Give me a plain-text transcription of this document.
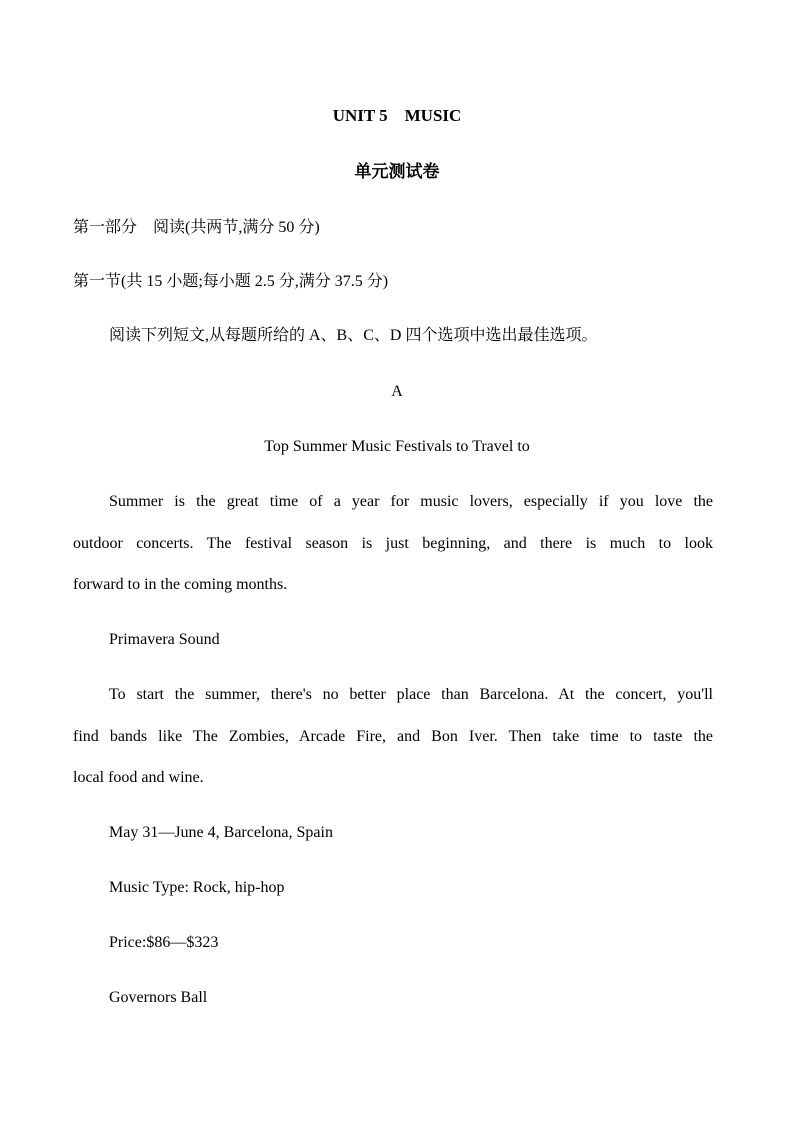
UNIT 5　MUSIC
单元测试卷
第一部分　阅读(共两节,满分 50 分)
第一节(共 15 小题;每小题 2.5 分,满分 37.5 分)
阅读下列短文,从每题所给的 A、B、C、D 四个选项中选出最佳选项。
A
Top Summer Music Festivals to Travel to
Summer is the great time of a year for music lovers, especially if you love the
outdoor concerts. The festival season is just beginning, and there is much to look
forward to in the coming months.
Primavera Sound
To start the summer, there's no better place than Barcelona. At the concert, you'll
find bands like The Zombies, Arcade Fire, and Bon Iver. Then take time to taste the
local food and wine.
May 31—June 4, Barcelona, Spain
Music Type: Rock, hip-hop
Price:$86—$323
Governors Ball
